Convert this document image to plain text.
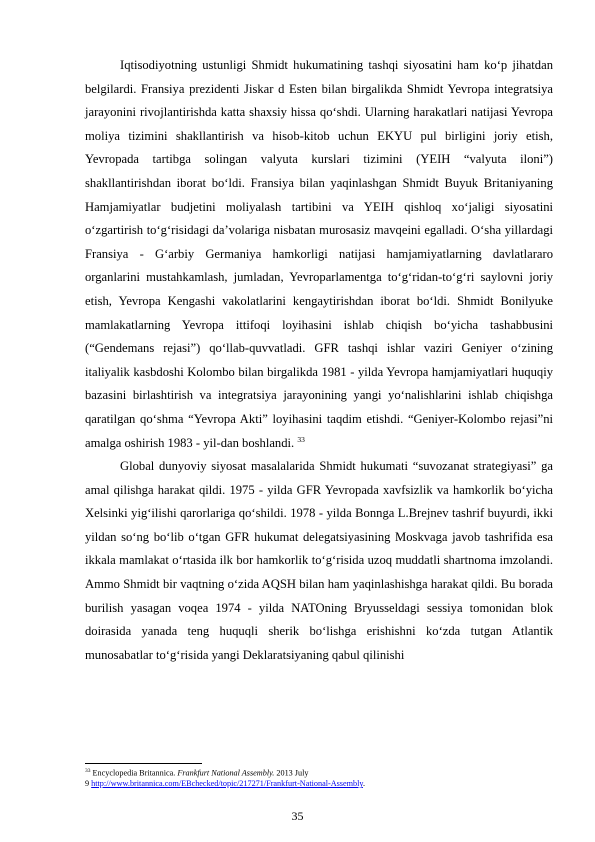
Iqtisodiyotning ustunligi Shmidt hukumatining tashqi siyosatini ham ko‘p jihatdan belgilardi. Fransiya prezidenti Jiskar d Esten bilan birgalikda Shmidt Yevropa integratsiya jarayonini rivojlantirishda katta shaxsiy hissa qo‘shdi. Ularning harakatlari natijasi Yevropa moliya tizimini shakllantirish va hisob-kitob uchun EKYU pul birligini joriy etish, Yevropada tartibga solingan valyuta kurslari tizimini (YEIH “valyuta iloni”) shakllantirishdan iborat bo‘ldi. Fransiya bilan yaqinlashgan Shmidt Buyuk Britaniyaning Hamjamiyatlar budjetini moliyalash tartibini va YEIH qishloq xo‘jaligi siyosatini o‘zgartirish to‘g‘risidagi da’volariga nisbatan murosasiz mavqeini egalladi. O‘sha yillardagi Fransiya - G‘arbiy Germaniya hamkorligi natijasi hamjamiyatlarning davlatlararo organlarini mustahkamlash, jumladan, Yevroparlamentga to‘g‘ridan-to‘g‘ri saylovni joriy etish, Yevropa Kengashi vakolatlarini kengaytirishdan iborat bo‘ldi. Shmidt Bonilyuke mamlakatlarning Yevropa ittifoqi loyihasini ishlab chiqish bo‘yicha tashabbusini (“Gendemans rejasi”) qo‘llab-quvvatladi. GFR tashqi ishlar vaziri Geniyer o‘zining italiyalik kasbdoshi Kolombo bilan birgalikda 1981 - yilda Yevropa hamjamiyatlari huquqiy bazasini birlashtirish va integratsiya jarayonining yangi yo‘nalishlarini ishlab chiqishga qaratilgan qo‘shma “Yevropa Akti” loyihasini taqdim etishdi. “Geniyer-Kolombo rejasi”ni amalga oshirish 1983 - yil-dan boshlandi. $^{33}$

Global dunyoviy siyosat masalalarida Shmidt hukumati “suvozanat strategiyasi” ga amal qilishga harakat qildi. 1975 - yilda GFR Yevropada xavfsizlik va hamkorlik bo‘yicha Xelsinki yig‘ilishi qarorlariga qo‘shildi. 1978 - yilda Bonnga L.Brejnev tashrif buyurdi, ikki yildan so‘ng bo‘lib o‘tgan GFR hukumat delegatsiyasining Moskvaga javob tashrifida esa ikkala mamlakat o‘rtasida ilk bor hamkorlik to‘g‘risida uzoq muddatli shartnoma imzolandi. Ammo Shmidt bir vaqtning o‘zida AQSH bilan ham yaqinlashishga harakat qildi. Bu borada burilish yasagan voqea 1974 - yilda NATOning Bryusseldagi sessiya tomonidan blok doirasida yanada teng huquqli sherik bo‘lishga erishishni ko‘zda tutgan Atlantik munosabatlar to‘g‘risida yangi Deklaratsiyaning qabul qilinishi

$^{33}$ Encyclopedia Britannica. Frankfurt National Assembly. 2013 July
9 http://www.britannica.com/EBchecked/topic/217271/Frankfurt-National-Assembly.
35
